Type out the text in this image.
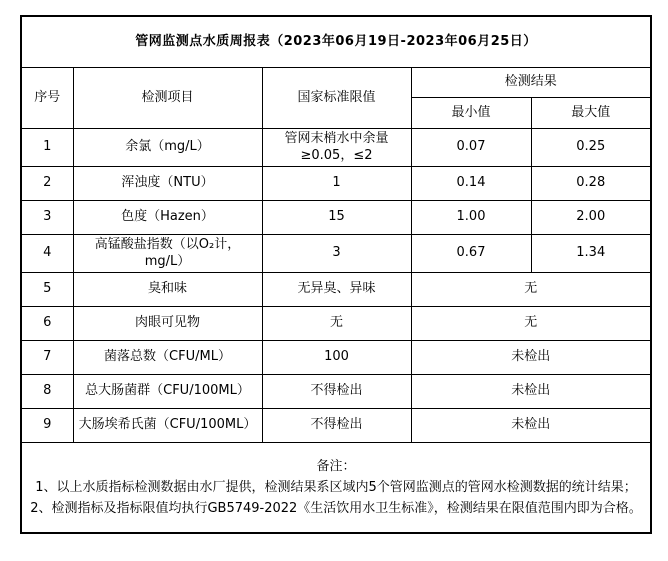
管网监测点水质周报表（2023年06月19日-2023年06月25日）				
序号	检测项目	国家标准限值	检测结果	
			最小值	最大值
1	余氯（mg/L）	管网末梢水中余量≥0.05，≤2	0.07	0.25
2	浑浊度（NTU）	1	0.14	0.28
3	色度（Hazen）	15	1.00	2.00
4	高锰酸盐指数（以O₂计，mg/L）	3	0.67	1.34
5	臭和味	无异臭、异味	无	
6	肉眼可见物	无	无	
7	菌落总数（CFU/ML）	100	未检出	
8	总大肠菌群（CFU/100ML）	不得检出	未检出	
9	大肠埃希氏菌（CFU/100ML）	不得检出	未检出	

备注：
1、以上水质指标检测数据由水厂提供，检测结果系区域内5个管网监测点的管网水检测数据的统计结果；
2、检测指标及指标限值均执行GB5749-2022《生活饮用水卫生标准》，检测结果在限值范围内即为合格。				
